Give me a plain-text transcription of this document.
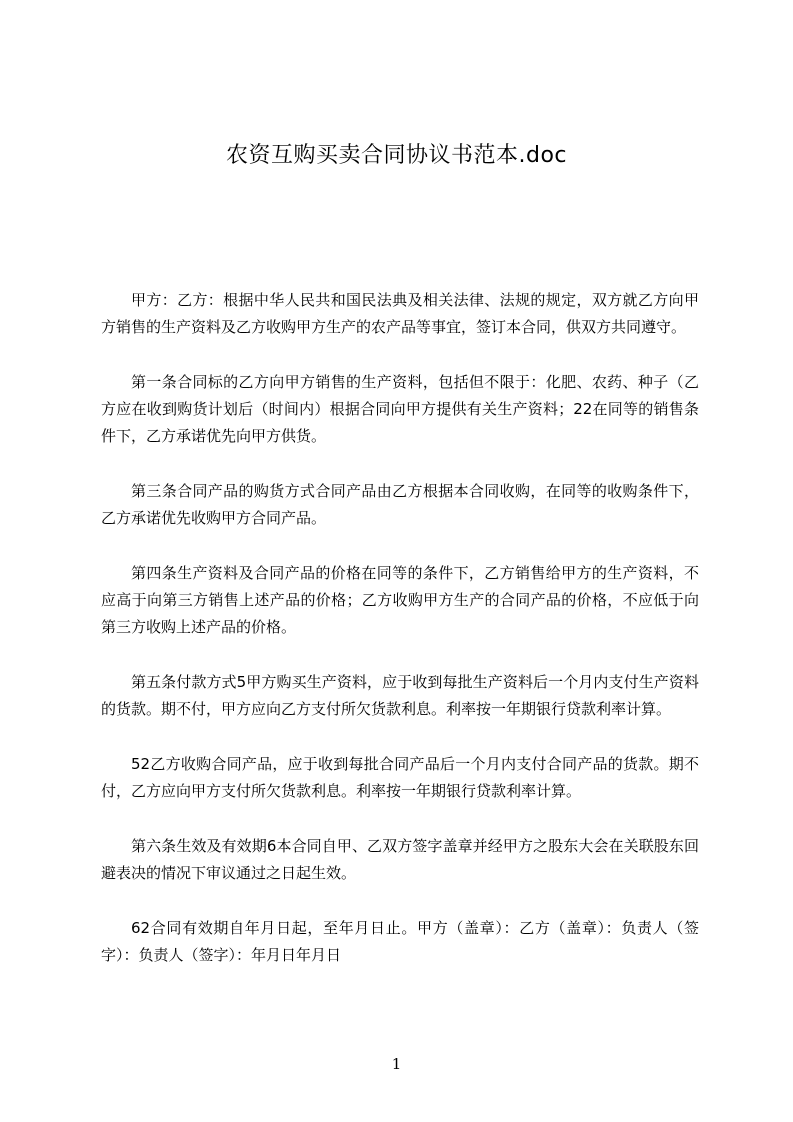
农资互购买卖合同协议书范本.doc

甲方：乙方：根据中华人民共和国民法典及相关法律、法规的规定，双方就乙方向甲方销售的生产资料及乙方收购甲方生产的农产品等事宜，签订本合同，供双方共同遵守。

第一条合同标的乙方向甲方销售的生产资料，包括但不限于：化肥、农药、种子（乙方应在收到购货计划后（时间内）根据合同向甲方提供有关生产资料；22在同等的销售条件下，乙方承诺优先向甲方供货。

第三条合同产品的购货方式合同产品由乙方根据本合同收购，在同等的收购条件下，乙方承诺优先收购甲方合同产品。

第四条生产资料及合同产品的价格在同等的条件下，乙方销售给甲方的生产资料，不应高于向第三方销售上述产品的价格；乙方收购甲方生产的合同产品的价格，不应低于向第三方收购上述产品的价格。

第五条付款方式5甲方购买生产资料，应于收到每批生产资料后一个月内支付生产资料的货款。期不付，甲方应向乙方支付所欠货款利息。利率按一年期银行贷款利率计算。

52乙方收购合同产品，应于收到每批合同产品后一个月内支付合同产品的货款。期不付，乙方应向甲方支付所欠货款利息。利率按一年期银行贷款利率计算。

第六条生效及有效期6本合同自甲、乙双方签字盖章并经甲方之股东大会在关联股东回避表决的情况下审议通过之日起生效。

62合同有效期自年月日起，至年月日止。甲方（盖章）：乙方（盖章）：负责人（签字）：负责人（签字）：年月日年月日

1
